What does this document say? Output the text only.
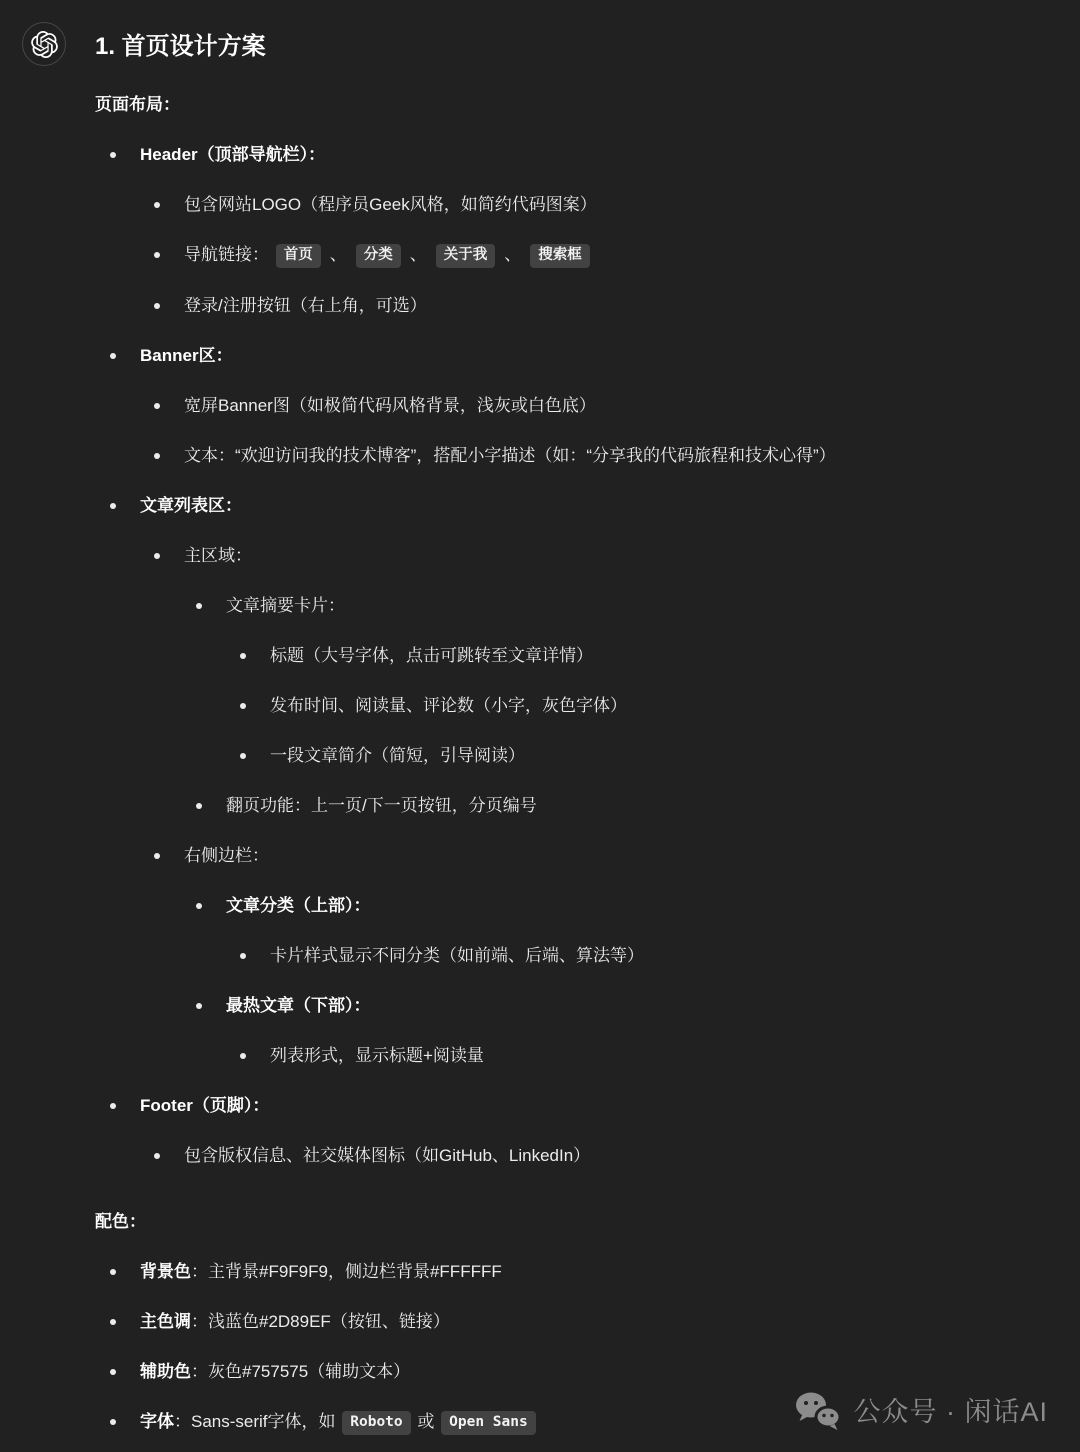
1. 首页设计方案

页面布局：

Header（顶部导航栏）：
包含网站LOGO（程序员Geek风格，如简约代码图案）
导航链接： 首页 、 分类 、 关于我 、 搜索框
登录/注册按钮（右上角，可选）
Banner区：
宽屏Banner图（如极简代码风格背景，浅灰或白色底）
文本：“欢迎访问我的技术博客”，搭配小字描述（如：“分享我的代码旅程和技术心得”）
文章列表区：
主区域：
文章摘要卡片：
标题（大号字体，点击可跳转至文章详情）
发布时间、阅读量、评论数（小字，灰色字体）
一段文章简介（简短，引导阅读）
翻页功能：上一页/下一页按钮，分页编号
右侧边栏：
文章分类（上部）：
卡片样式显示不同分类（如前端、后端、算法等）
最热文章（下部）：
列表形式，显示标题+阅读量
Footer（页脚）：
包含版权信息、社交媒体图标（如GitHub、LinkedIn）

配色：

背景色：主背景#F9F9F9，侧边栏背景#FFFFFF
主色调：浅蓝色#2D89EF（按钮、链接）
辅助色：灰色#757575（辅助文本）
字体：Sans-serif字体，如 Roboto 或 Open Sans	公众号 · 闲话AI
